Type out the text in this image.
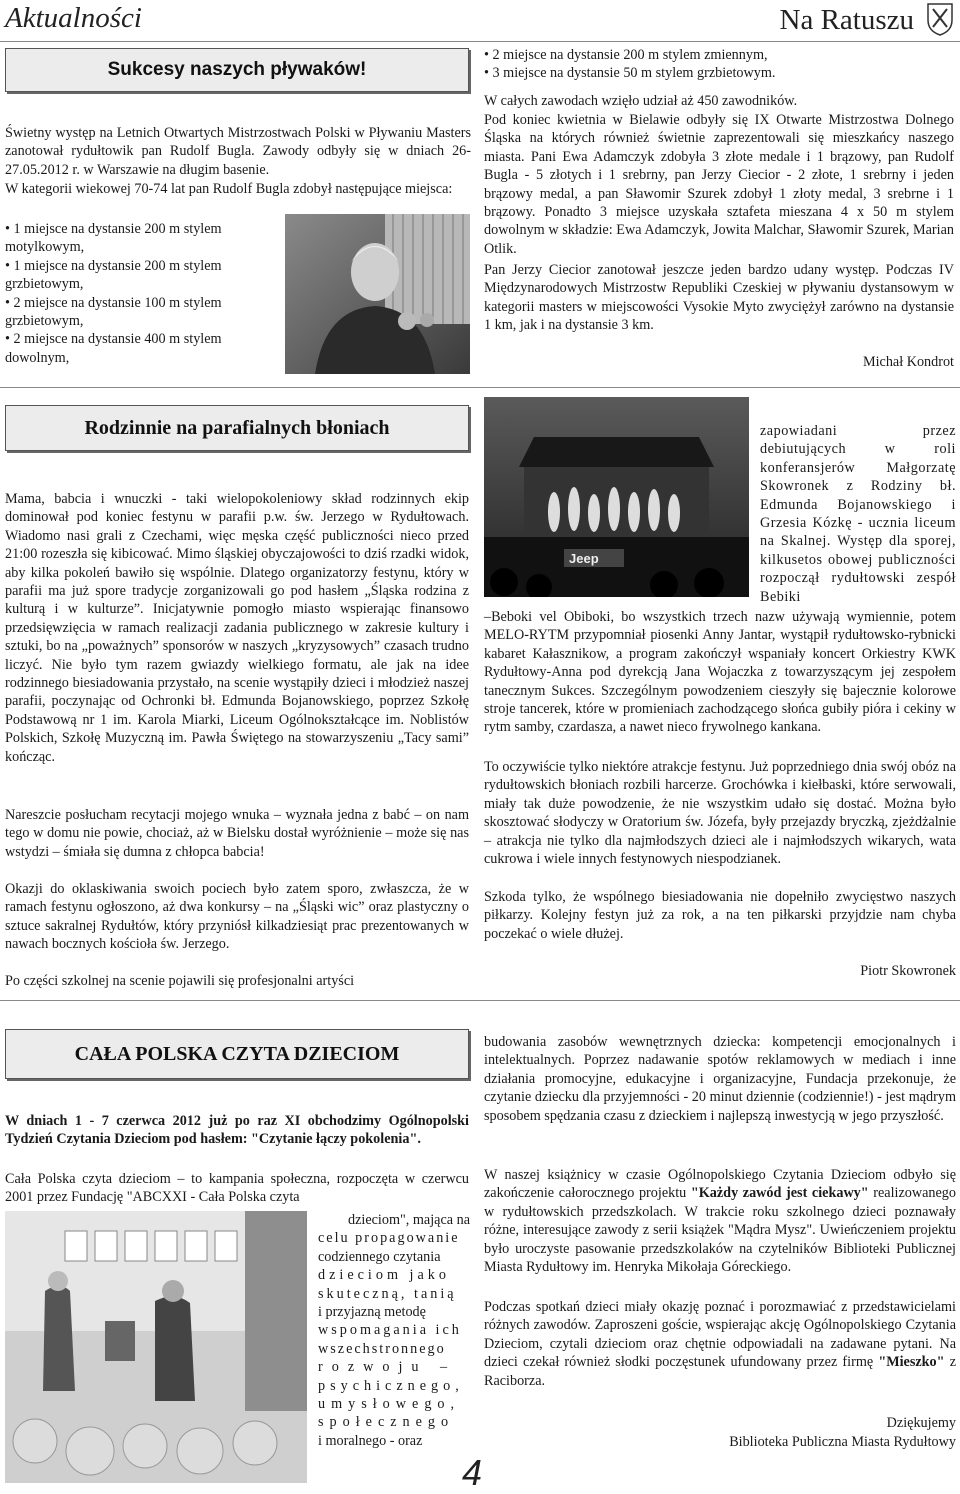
Aktualności	Na Ratuszu
Sukcesy naszych pływaków!
Świetny występ na Letnich Otwartych Mistrzostwach Polski w Pływaniu Masters zanotował rydułtowik pan Rudolf Bugla. Zawody odbyły się w dniach 26-27.05.2012 r. w Warszawie na długim basenie.
W kategorii wiekowej 70-74 lat pan Rudolf Bugla zdobył następujące miejsca:

• 1 miejsce na dystansie 200 m stylem motylkowym,

• 1 miejsce na dystansie 200 m stylem grzbietowym,

• 2 miejsce na dystansie 100 m stylem grzbietowym,

• 2 miejsce na dystansie 400 m stylem dowolnym,

• 2 miejsce na dystansie 200 m stylem zmiennym,

• 3 miejsce na dystansie 50 m stylem grzbietowym.

W całych zawodach wzięło udział aż 450 zawodników.
Pod koniec kwietnia w Bielawie odbyły się IX Otwarte Mistrzostwa Dolnego Śląska na których również świetnie zaprezentowali się mieszkańcy naszego miasta. Pani Ewa Adamczyk zdobyła 3 złote medale i 1 brązowy, pan Rudolf Bugla - 5 złotych i 1 srebrny, pan Jerzy Ciecior - 2 złote, 1 srebrny i jeden brązowy medal, a pan Sławomir Szurek zdobył 1 złoty medal, 3 srebrne i 1 brązowy. Ponadto 3 miejsce uzyskała sztafeta mieszana 4 x 50 m stylem dowolnym w składzie: Ewa Adamczyk, Jowita Malchar, Sławomir Szurek, Marian Otlik.
Pan Jerzy Ciecior zanotował jeszcze jeden bardzo udany występ. Podczas IV Międzynarodowych Mistrzostw Republiki Czeskiej w pływaniu dystansowym w kategorii masters w miejscowości Vysokie Myto zwyciężył zarówno na dystansie 1 km, jak i na dystansie 3 km.
Michał Kondrot
Rodzinnie na parafialnych błoniach
Mama, babcia i wnuczki - taki wielopokoleniowy skład rodzinnych ekip dominował pod koniec festynu w parafii p.w. św. Jerzego w Rydułtowach. Wiadomo nasi grali z Czechami, więc męska część publiczności nieco przed 21:00 rozeszła się kibicować. Mimo śląskiej obyczajowości to dziś rzadki widok, aby kilka pokoleń bawiło się wspólnie. Dlatego organizatorzy festynu, który w parafii ma już spore tradycje zorganizowali go pod hasłem „Śląska rodzina z kulturą i w kulturze”. Inicjatywnie pomogło miasto wspierając finansowo przedsięwzięcia w ramach realizacji zadania publicznego w zakresie kultury i sztuki, bo na „poważnych” sponsorów w naszych „kryzysowych” czasach trudno liczyć. Nie było tym razem gwiazdy wielkiego formatu, ale jak na idee rodzinnego biesiadowania przystało, na scenie wystąpiły dzieci i młodzież naszej parafii, poczynając od Ochronki bł. Edmunda Bojanowskiego, poprzez Szkołę Podstawową nr 1 im. Karola Miarki, Liceum Ogólnokształcące im. Noblistów Polskich, Szkołę Muzyczną im. Pawła Świętego na stowarzyszeniu „Tacy sami” kończąc.
Nareszcie posłucham recytacji mojego wnuka – wyznała jedna z babć – on nam tego w domu nie powie, chociaż, aż w Bielsku dostał wyróżnienie – może się nas wstydzi – śmiała się dumna z chłopca babcia!
Okazji do oklaskiwania swoich pociech było zatem sporo, zwłaszcza, że w ramach festynu ogłoszono, aż dwa konkursy – na „Śląski wic” oraz plastyczny o sztuce sakralnej Rydułtów, który przyniósł kilkadziesiąt prac prezentowanych w nawach bocznych kościoła św. Jerzego.
Po części szkolnej na scenie pojawili się profesjonalni artyści
Jeep
zapowiadani przez debiutujących w roli konferansjerów Małgorzatę Skowronek z Rodziny bł. Edmunda Bojanowskiego i Grzesia Kózkę - ucznia liceum na Skalnej. Występ dla sporej, kilkusetos obowej publiczności rozpoczął rydułtowski zespół Bebiki
–Beboki vel Obiboki, bo wszystkich trzech nazw używają wymiennie, potem MELO-RYTM przypomniał piosenki Anny Jantar, wystąpił rydułtowsko-rybnicki kabaret Kałasznikow, a program zakończył wspaniały koncert Orkiestry KWK Rydułtowy-Anna pod dyrekcją Jana Wojaczka z towarzyszącym jej zespołem tanecznym Sukces. Szczególnym powodzeniem cieszyły się bajecznie kolorowe stroje tancerek, które w promieniach zachodzącego słońca gubiły pióra i cekiny w rytm samby, czardasza, a nawet nieco frywolnego kankana.
To oczywiście tylko niektóre atrakcje festynu. Już poprzedniego dnia swój obóz na rydułtowskich błoniach rozbili harcerze. Grochówka i kiełbaski, które serwowali, miały tak duże powodzenie, że nie wszystkim udało się dostać. Można było skosztować słodyczy w Oratorium św. Józefa, były przejazdy bryczką, zjeżdżalnie – atrakcja nie tylko dla najmłodszych dzieci ale i najmłodszych wikarych, wata cukrowa i wiele innych festynowych niespodzianek.
Szkoda tylko, że wspólnego biesiadowania nie dopełniło zwycięstwo naszych piłkarzy. Kolejny festyn już za rok, a na ten piłkarski przyjdzie nam chyba poczekać o wiele dłużej.
Piotr Skowronek
CAŁA POLSKA CZYTA DZIECIOM
W dniach 1 - 7 czerwca 2012 już po raz XI obchodzimy Ogólnopolski Tydzień Czytania Dzieciom pod hasłem: "Czytanie łączy pokolenia".
Cała Polska czyta dzieciom – to kampania społeczna, rozpoczęta w czerwcu 2001 przez Fundację "ABCXXI - Cała Polska czyta

dzieciom", mająca na

celu propagowanie

codziennego czytania

dzieciom jako

skuteczną, tanią

i przyjazną metodę

wspomagania ich

wszechstronnego

rozwoju –

psychicznego,

umysłowego,

społecznego

i moralnego - oraz

budowania zasobów wewnętrznych dziecka: kompetencji emocjonalnych i intelektualnych. Poprzez nadawanie spotów reklamowych w mediach i inne działania promocyjne, edukacyjne i organizacyjne, Fundacja przekonuje, że czytanie dziecku dla przyjemności - 20 minut dziennie (codziennie!) - jest mądrym sposobem spędzania czasu z dzieckiem i najlepszą inwestycją w jego przyszłość.
W naszej książnicy w czasie Ogólnopolskiego Czytania Dzieciom odbyło się zakończenie całorocznego projektu "Każdy zawód jest ciekawy" realizowanego w rydułtowskich przedszkolach. W trakcie roku szkolnego dzieci poznawały różne, interesujące zawody z serii książek "Mądra Mysz". Uwieńczeniem projektu było uroczyste pasowanie przedszkolaków na czytelników Biblioteki Publicznej Miasta Rydułtowy im. Henryka Mikołaja Góreckiego.
Podczas spotkań dzieci miały okazję poznać i porozmawiać z przedstawicielami różnych zawodów. Zaproszeni goście, wspierając akcję Ogólnopolskiego Czytania Dzieciom, czytali dzieciom oraz chętnie odpowiadali na zadawane pytani. Na dzieci czekał również słodki poczęstunek ufundowany przez firmę "Mieszko" z Raciborza.
Dziękujemy
Biblioteka Publiczna Miasta Rydułtowy
4
